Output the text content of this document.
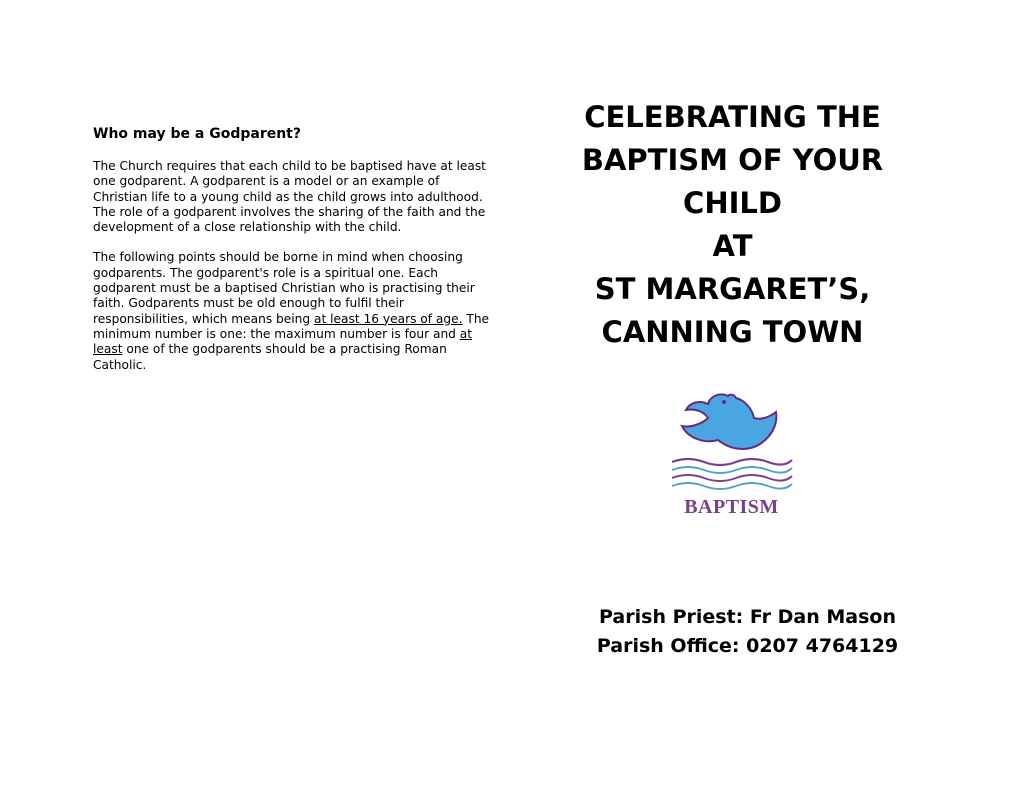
Who may be a Godparent?

The Church requires that each child to be baptised have at least one godparent. A godparent is a model or an example of Christian life to a young child as the child grows into adulthood. The role of a godparent involves the sharing of the faith and the development of a close relationship with the child.

The following points should be borne in mind when choosing godparents. The godparent's role is a spiritual one. Each godparent must be a baptised Christian who is practising their faith. Godparents must be old enough to fulfil their responsibilities, which means being at least 16 years of age. The minimum number is one: the maximum number is four and at least one of the godparents should be a practising Roman Catholic.

CELEBRATING THE
BAPTISM OF YOUR
CHILD
AT
ST MARGARET’S,
CANNING TOWN
BAPTISM
Parish Priest: Fr Dan Mason
Parish Office: 0207 4764129
